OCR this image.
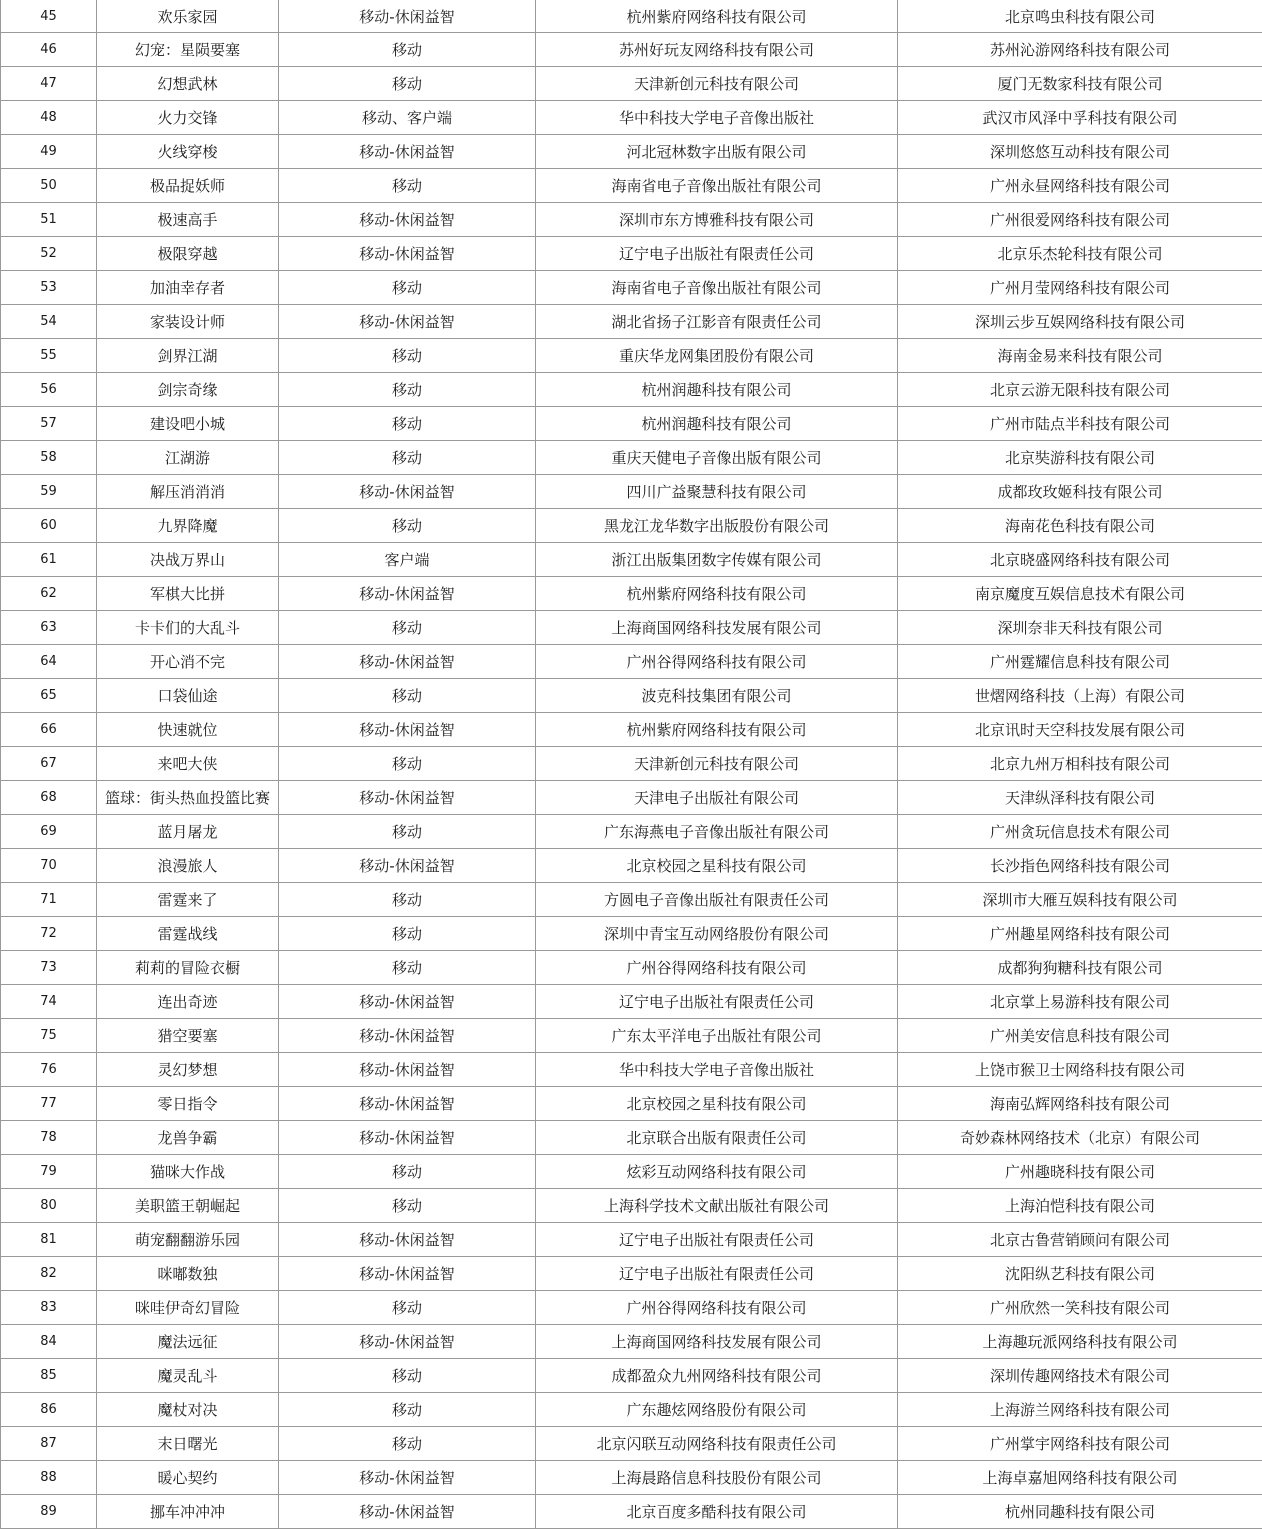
45	欢乐家园	移动-休闲益智	杭州紫府网络科技有限公司	北京鸣虫科技有限公司
46	幻宠：星陨要塞	移动	苏州好玩友网络科技有限公司	苏州沁游网络科技有限公司
47	幻想武林	移动	天津新创元科技有限公司	厦门无数家科技有限公司
48	火力交锋	移动、客户端	华中科技大学电子音像出版社	武汉市风泽中孚科技有限公司
49	火线穿梭	移动-休闲益智	河北冠林数字出版有限公司	深圳悠悠互动科技有限公司
50	极品捉妖师	移动	海南省电子音像出版社有限公司	广州永昼网络科技有限公司
51	极速高手	移动-休闲益智	深圳市东方博雅科技有限公司	广州很爱网络科技有限公司
52	极限穿越	移动-休闲益智	辽宁电子出版社有限责任公司	北京乐杰轮科技有限公司
53	加油幸存者	移动	海南省电子音像出版社有限公司	广州月莹网络科技有限公司
54	家装设计师	移动-休闲益智	湖北省扬子江影音有限责任公司	深圳云步互娱网络科技有限公司
55	剑界江湖	移动	重庆华龙网集团股份有限公司	海南金易来科技有限公司
56	剑宗奇缘	移动	杭州润趣科技有限公司	北京云游无限科技有限公司
57	建设吧小城	移动	杭州润趣科技有限公司	广州市陆点半科技有限公司
58	江湖游	移动	重庆天健电子音像出版有限公司	北京奘游科技有限公司
59	解压消消消	移动-休闲益智	四川广益聚慧科技有限公司	成都玫玫姬科技有限公司
60	九界降魔	移动	黑龙江龙华数字出版股份有限公司	海南花色科技有限公司
61	决战万界山	客户端	浙江出版集团数字传媒有限公司	北京晓盛网络科技有限公司
62	军棋大比拼	移动-休闲益智	杭州紫府网络科技有限公司	南京魔度互娱信息技术有限公司
63	卡卡们的大乱斗	移动	上海商国网络科技发展有限公司	深圳奈非天科技有限公司
64	开心消不完	移动-休闲益智	广州谷得网络科技有限公司	广州霆耀信息科技有限公司
65	口袋仙途	移动	波克科技集团有限公司	世熠网络科技（上海）有限公司
66	快速就位	移动-休闲益智	杭州紫府网络科技有限公司	北京讯时天空科技发展有限公司
67	来吧大侠	移动	天津新创元科技有限公司	北京九州万相科技有限公司
68	篮球：街头热血投篮比赛	移动-休闲益智	天津电子出版社有限公司	天津纵泽科技有限公司
69	蓝月屠龙	移动	广东海燕电子音像出版社有限公司	广州贪玩信息技术有限公司
70	浪漫旅人	移动-休闲益智	北京校园之星科技有限公司	长沙指色网络科技有限公司
71	雷霆来了	移动	方圆电子音像出版社有限责任公司	深圳市大雁互娱科技有限公司
72	雷霆战线	移动	深圳中青宝互动网络股份有限公司	广州趣星网络科技有限公司
73	莉莉的冒险衣橱	移动	广州谷得网络科技有限公司	成都狗狗糖科技有限公司
74	连出奇迹	移动-休闲益智	辽宁电子出版社有限责任公司	北京掌上易游科技有限公司
75	猎空要塞	移动-休闲益智	广东太平洋电子出版社有限公司	广州美安信息科技有限公司
76	灵幻梦想	移动-休闲益智	华中科技大学电子音像出版社	上饶市猴卫士网络科技有限公司
77	零日指令	移动-休闲益智	北京校园之星科技有限公司	海南弘辉网络科技有限公司
78	龙兽争霸	移动-休闲益智	北京联合出版有限责任公司	奇妙森林网络技术（北京）有限公司
79	猫咪大作战	移动	炫彩互动网络科技有限公司	广州趣晓科技有限公司
80	美职篮王朝崛起	移动	上海科学技术文献出版社有限公司	上海泊恺科技有限公司
81	萌宠翻翻游乐园	移动-休闲益智	辽宁电子出版社有限责任公司	北京古鲁营销顾问有限公司
82	咪嘟数独	移动-休闲益智	辽宁电子出版社有限责任公司	沈阳纵艺科技有限公司
83	咪哇伊奇幻冒险	移动	广州谷得网络科技有限公司	广州欣然一笑科技有限公司
84	魔法远征	移动-休闲益智	上海商国网络科技发展有限公司	上海趣玩派网络科技有限公司
85	魔灵乱斗	移动	成都盈众九州网络科技有限公司	深圳传趣网络技术有限公司
86	魔杖对决	移动	广东趣炫网络股份有限公司	上海游兰网络科技有限公司
87	末日曙光	移动	北京闪联互动网络科技有限责任公司	广州掌宇网络科技有限公司
88	暖心契约	移动-休闲益智	上海晨路信息科技股份有限公司	上海卓嘉旭网络科技有限公司
89	挪车冲冲冲	移动-休闲益智	北京百度多酷科技有限公司	杭州同趣科技有限公司
